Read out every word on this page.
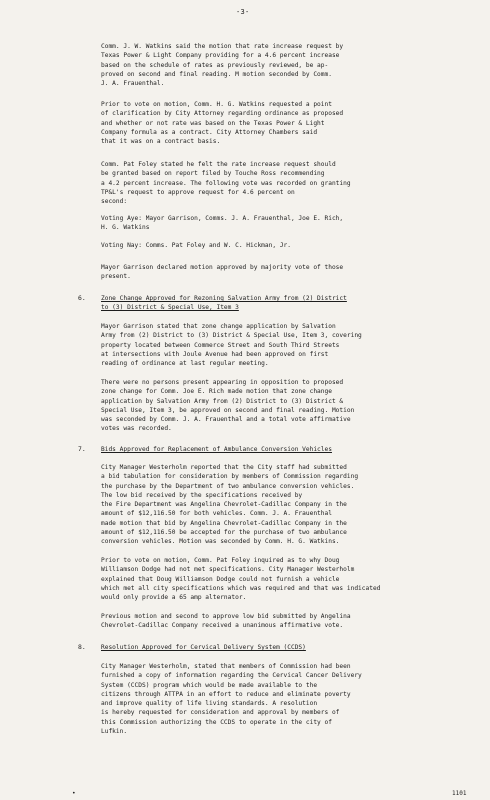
-3-

Comm. J. W. Watkins said the motion that rate increase request by
Texas Power & Light Company providing for a 4.6 percent increase
based on the schedule of rates as previously reviewed, be ap-
proved on second and final reading. M motion seconded by Comm.
J. A. Frauenthal.

Prior to vote on motion, Comm. H. G. Watkins requested a point
of clarification by City Attorney regarding ordinance as proposed
and whether or not rate was based on the Texas Power & Light
Company formula as a contract. City Attorney Chambers said
that it was on a contract basis.

Comm. Pat Foley stated he felt the rate increase request should
be granted based on report filed by Touche Ross recommending
a 4.2 percent increase. The following vote was recorded on granting
TP&L's request to approve request for 4.6 percent on
second:

Voting Aye: Mayor Garrison, Comms. J. A. Frauenthal, Joe E. Rich,
H. G. Watkins

Voting Nay: Comms. Pat Foley and W. C. Hickman, Jr.

Mayor Garrison declared motion approved by majority vote of those
present.

6. Zone Change Approved for Rezoning Salvation Army from (2) District
to (3) District & Special Use, Item 3

Mayor Garrison stated that zone change application by Salvation
Army from (2) District to (3) District & Special Use, Item 3, covering
property located between Commerce Street and South Third Streets
at intersections with Joule Avenue had been approved on first
reading of ordinance at last regular meeting.

There were no persons present appearing in opposition to proposed
zone change for Comm. Joe E. Rich made motion that zone change
application by Salvation Army from (2) District to (3) District &
Special Use, Item 3, be approved on second and final reading. Motion
was seconded by Comm. J. A. Frauenthal and a total vote affirmative
votes was recorded.

7. Bids Approved for Replacement of Ambulance Conversion Vehicles

City Manager Westerholm reported that the City staff had submitted
a bid tabulation for consideration by members of Commission regarding
the purchase by the Department of two ambulance conversion vehicles.
The low bid received by the specifications received by
the Fire Department was Angelina Chevrolet-Cadillac Company in the
amount of $12,116.50 for both vehicles. Comm. J. A. Frauenthal
made motion that bid by Angelina Chevrolet-Cadillac Company in the
amount of $12,116.50 be accepted for the purchase of two ambulance
conversion vehicles. Motion was seconded by Comm. H. G. Watkins.

Prior to vote on motion, Comm. Pat Foley inquired as to why Doug
Williamson Dodge had not met specifications. City Manager Westerholm
explained that Doug Williamson Dodge could not furnish a vehicle
which met all city specifications which was required and that was indicated
would only provide a 65 amp alternator.

Previous motion and second to approve low bid submitted by Angelina
Chevrolet-Cadillac Company received a unanimous affirmative vote.

8. Resolution Approved for Cervical Delivery System (CCDS)

City Manager Westerholm, stated that members of Commission had been
furnished a copy of information regarding the Cervical Cancer Delivery
System (CCDS) program which would be made available to the
citizens through ATTPA in an effort to reduce and eliminate poverty
and improve quality of life living standards. A resolution
is hereby requested for consideration and approval by members of
this Commission authorizing the CCDS to operate in the city of
Lufkin.

•	1101
